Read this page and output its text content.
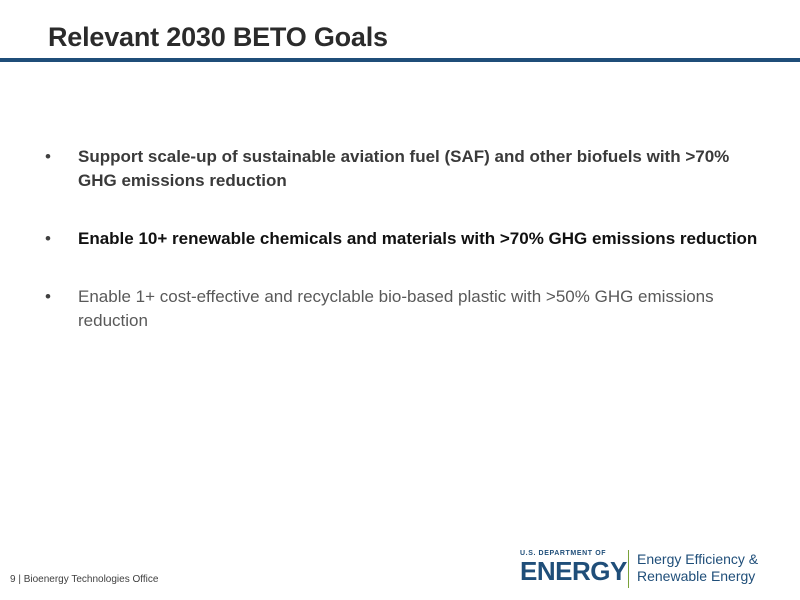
Relevant 2030 BETO Goals
• Support scale-up of sustainable aviation fuel (SAF) and other biofuels with >70% GHG emissions reduction
• Enable 10+ renewable chemicals and materials with >70% GHG emissions reduction
• Enable 1+ cost-effective and recyclable bio-based plastic with >50% GHG emissions reduction
9 | Bioenergy Technologies Office
U.S. DEPARTMENT OF
ENERGY Energy Efficiency &
Renewable Energy
